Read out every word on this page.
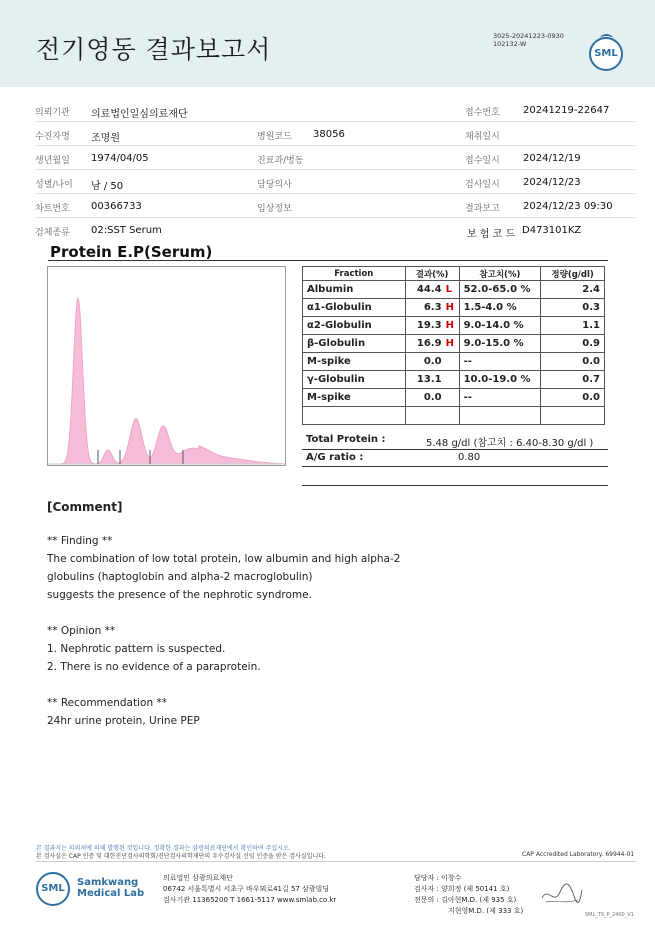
전기영동 결과보고서	3025-20241223-0930
102132-W
SML
의뢰기관 의료법인일심의료재단	접수번호 20241219-22647
수진자명 조명원	병원코드 38056	채취일시
생년월일 1974/04/05	진료과/병동	접수일시 2024/12/19
성별/나이 남 / 50	담당의사	검사일시 2024/12/23
차트번호 00366733	임상정보	결과보고 2024/12/23 09:30
검체종류 02:SST Serum	보 험 코 드 D473101KZ
Protein E.P(Serum)
Fraction	결과(%)	참고치(%)	정량(g/dl)
Albumin	44.4 L	52.0-65.0 %	2.4
α1-Globulin	6.3 H	1.5-4.0 %	0.3
α2-Globulin	19.3 H	9.0-14.0 %	1.1
β-Globulin	16.9 H	9.0-15.0 %	0.9
M-spike	0.0	--	0.0
γ-Globulin	13.1	10.0-19.0 %	0.7
M-spike	0.0	--	0.0

Total Protein :	5.48 g/dl (참고치 : 6.40-8.30 g/dl )
A/G ratio :	0.80
[Comment]
** Finding **
The combination of low total protein, low albumin and high alpha-2
globulins (haptoglobin and alpha-2 macroglobulin)
suggests the presence of the nephrotic syndrome.
** Opinion **
1. Nephrotic pattern is suspected.
2. There is no evidence of a paraprotein.
** Recommendation **
24hr urine protein, Urine PEP
본 결과지는 의뢰처에 의해 발행된 것입니다. 정확한 결과는 삼광의료재단에서 확인하여 주십시오.
본 검사실은 CAP 인증 및 대한진단검사의학회/진단검사의학재단의 우수검사실 신임 인증을 받은 검사실입니다.	CAP Accredited Laboratory. 69944-01
SML
Samkwang
Medical Lab
의료법인 삼광의료재단
06742 서울특별시 서초구 바우뫼로41길 57 삼광빌딩
검사기관 11365200 T 1661-5117 www.smlab.co.kr
담당자 : 이창수
검사자 : 양희정 (제 50141 호)
전문의 : 김아현M.D. (제 935 호)
지현영M.D. (제 333 호)	SML_TS_P_2400_V1
